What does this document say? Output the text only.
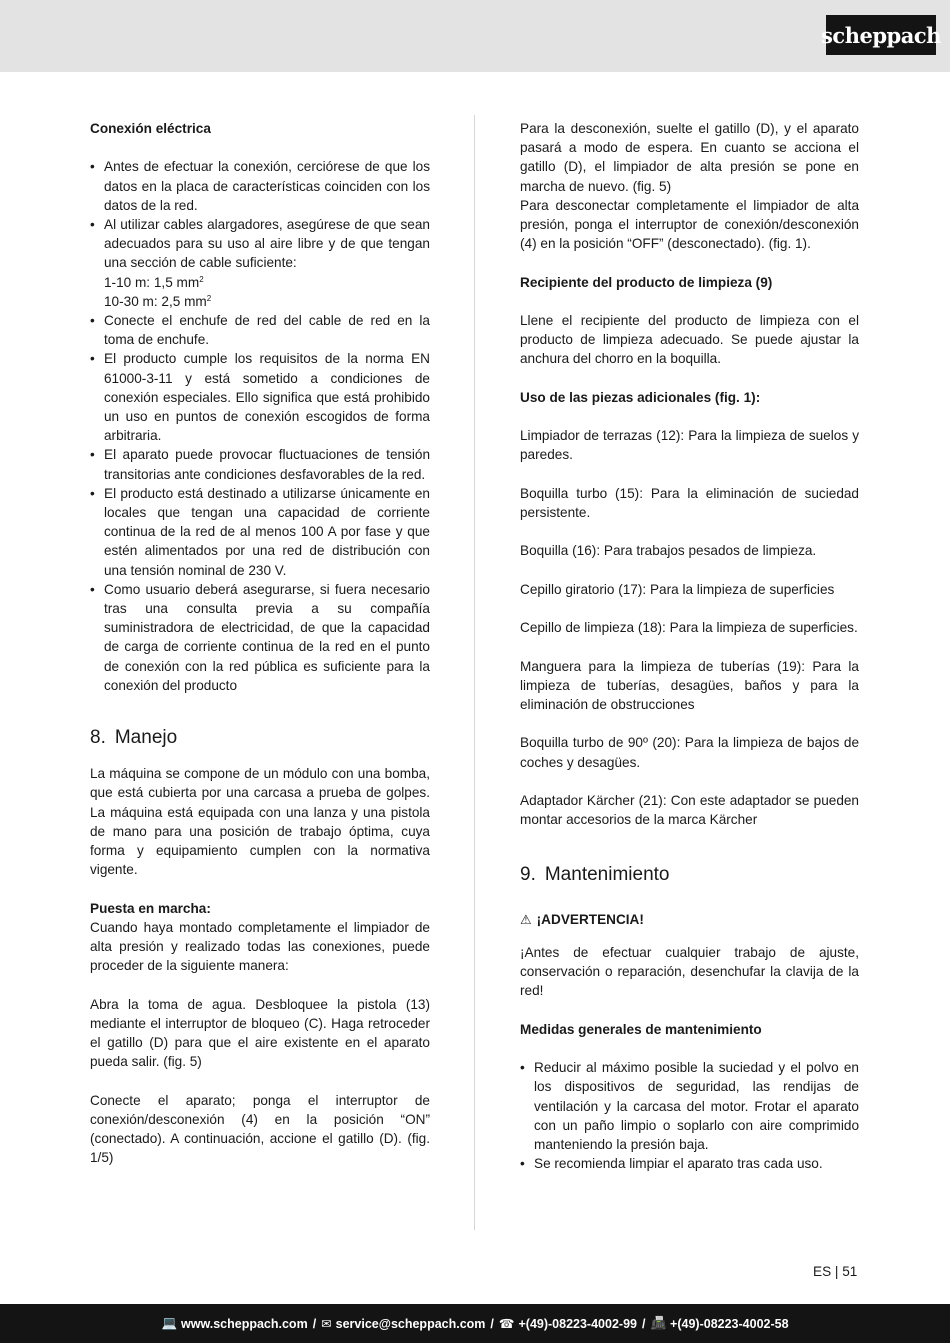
scheppach

Conexión eléctrica

• Antes de efectuar la conexión, cerciórese de que los datos en la placa de características coinciden con los datos de la red.
• Al utilizar cables alargadores, asegúrese de que sean adecuados para su uso al aire libre y de que tengan una sección de cable suficiente:
1-10 m: 1,5 $mm^2$
10-30 m: 2,5 $mm^2$
• Conecte el enchufe de red del cable de red en la toma de enchufe.
• El producto cumple los requisitos de la norma EN 61000-3-11 y está sometido a condiciones de conexión especiales. Ello significa que está prohibido un uso en puntos de conexión escogidos de forma arbitraria.
• El aparato puede provocar fluctuaciones de tensión transitorias ante condiciones desfavorables de la red.
• El producto está destinado a utilizarse únicamente en locales que tengan una capacidad de corriente continua de la red de al menos 100 A por fase y que estén alimentados por una red de distribución con una tensión nominal de 230 V.
• Como usuario deberá asegurarse, si fuera necesario tras una consulta previa a su compañía suministradora de electricidad, de que la capacidad de carga de corriente continua de la red en el punto de conexión con la red pública es suficiente para la conexión del producto
8. Manejo

La máquina se compone de un módulo con una bomba, que está cubierta por una carcasa a prueba de golpes. La máquina está equipada con una lanza y una pistola de mano para una posición de trabajo óptima, cuya forma y equipamiento cumplen con la normativa vigente.

Puesta en marcha:

Cuando haya montado completamente el limpiador de alta presión y realizado todas las conexiones, puede proceder de la siguiente manera:

Abra la toma de agua. Desbloquee la pistola (13) mediante el interruptor de bloqueo (C). Haga retroceder el gatillo (D) para que el aire existente en el aparato pueda salir. (fig. 5)

Conecte el aparato; ponga el interruptor de conexión/desconexión (4) en la posición “ON” (conectado). A continuación, accione el gatillo (D). (fig. 1/5)

Para la desconexión, suelte el gatillo (D), y el aparato pasará a modo de espera. En cuanto se acciona el gatillo (D), el limpiador de alta presión se pone en marcha de nuevo. (fig. 5)

Para desconectar completamente el limpiador de alta presión, ponga el interruptor de conexión/desconexión (4) en la posición “OFF” (desconectado). (fig. 1).

Recipiente del producto de limpieza (9)

Llene el recipiente del producto de limpieza con el producto de limpieza adecuado. Se puede ajustar la anchura del chorro en la boquilla.

Uso de las piezas adicionales (fig. 1):

Limpiador de terrazas (12): Para la limpieza de suelos y paredes.

Boquilla turbo (15): Para la eliminación de suciedad persistente.

Boquilla (16): Para trabajos pesados de limpieza.

Cepillo giratorio (17): Para la limpieza de superficies

Cepillo de limpieza (18): Para la limpieza de superficies.

Manguera para la limpieza de tuberías (19): Para la limpieza de tuberías, desagües, baños y para la eliminación de obstrucciones

Boquilla turbo de 90º (20): Para la limpieza de bajos de coches y desagües.

Adaptador Kärcher (21): Con este adaptador se pueden montar accesorios de la marca Kärcher

9. Mantenimiento

⚠ ¡ADVERTENCIA!

¡Antes de efectuar cualquier trabajo de ajuste, conservación o reparación, desenchufar la clavija de la red!

Medidas generales de mantenimiento

• Reducir al máximo posible la suciedad y el polvo en los dispositivos de seguridad, las rendijas de ventilación y la carcasa del motor. Frotar el aparato con un paño limpio o soplarlo con aire comprimido manteniendo la presión baja.
• Se recomienda limpiar el aparato tras cada uso.
ES | 51
💻 www.scheppach.com / ✉ service@scheppach.com / ☎ +(49)-08223-4002-99 / 📠 +(49)-08223-4002-58
